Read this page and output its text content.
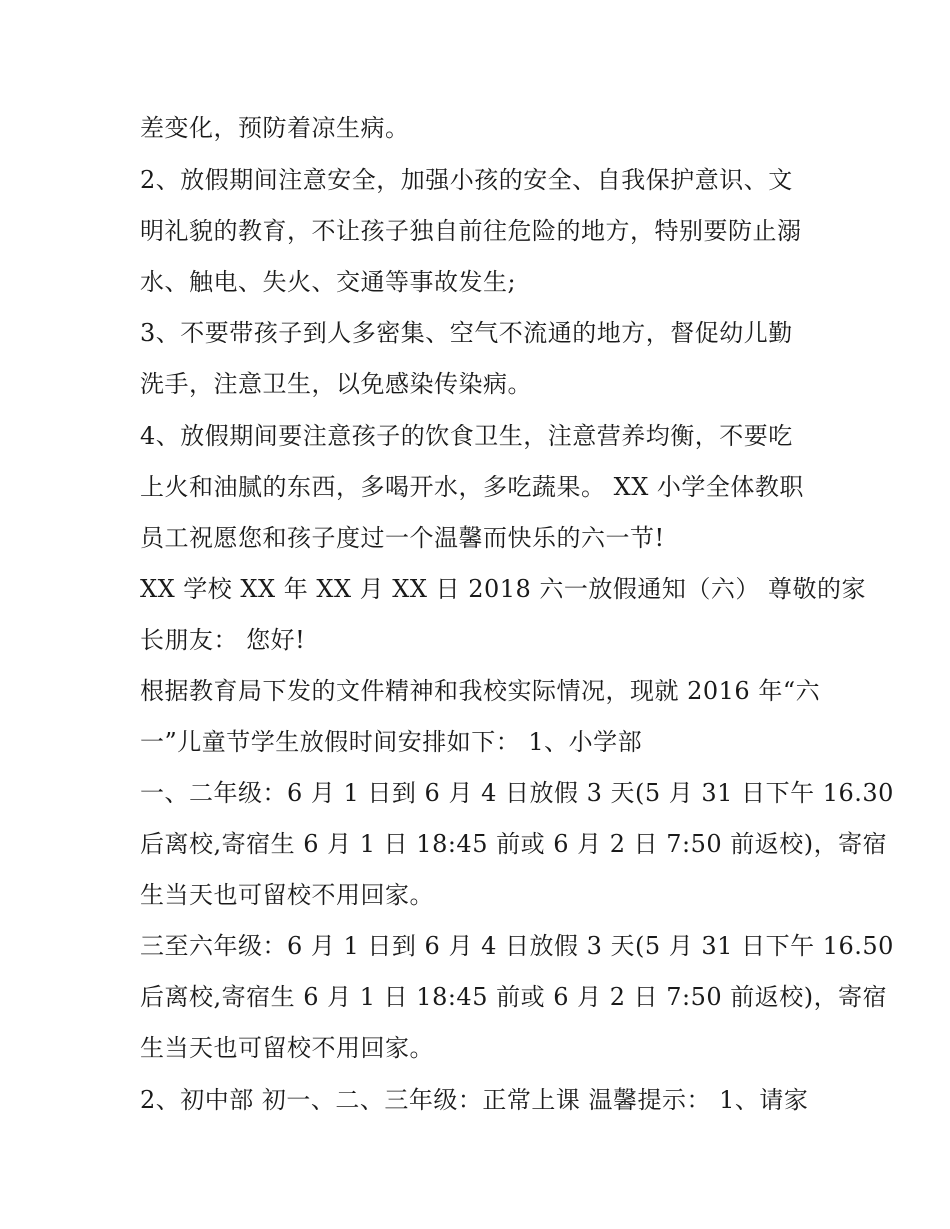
差变化，预防着凉生病。
2、放假期间注意安全，加强小孩的安全、自我保护意识、文
明礼貌的教育，不让孩子独自前往危险的地方，特别要防止溺
水、触电、失火、交通等事故发生;
3、不要带孩子到人多密集、空气不流通的地方，督促幼儿勤
洗手，注意卫生，以免感染传染病。
4、放假期间要注意孩子的饮食卫生，注意营养均衡，不要吃
上火和油腻的东西，多喝开水，多吃蔬果。 XX 小学全体教职
员工祝愿您和孩子度过一个温馨而快乐的六一节!
XX 学校 XX 年 XX 月 XX 日 2018 六一放假通知（六） 尊敬的家
长朋友： 您好!
根据教育局下发的文件精神和我校实际情况，现就 2016 年“六
一”儿童节学生放假时间安排如下： 1、小学部
一、二年级：6 月 1 日到 6 月 4 日放假 3 天(5 月 31 日下午 16.30
后离校,寄宿生 6 月 1 日 18:45 前或 6 月 2 日 7:50 前返校)，寄宿
生当天也可留校不用回家。
三至六年级：6 月 1 日到 6 月 4 日放假 3 天(5 月 31 日下午 16.50
后离校,寄宿生 6 月 1 日 18:45 前或 6 月 2 日 7:50 前返校)，寄宿
生当天也可留校不用回家。
2、初中部 初一、二、三年级：正常上课 温馨提示： 1、请家
